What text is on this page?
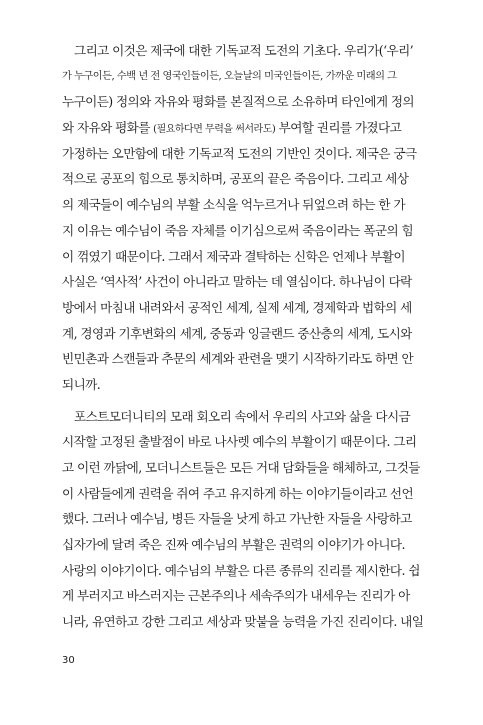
그리고 이것은 제국에 대한 기독교적 도전의 기초다. 우리가(‘우리’
가 누구이든, 수백 년 전 영국인들이든, 오늘날의 미국인들이든, 가까운 미래의 그
누구이든) 정의와 자유와 평화를 본질적으로 소유하며 타인에게 정의
와 자유와 평화를 (필요하다면 무력을 써서라도) 부여할 권리를 가졌다고
가정하는 오만함에 대한 기독교적 도전의 기반인 것이다. 제국은 궁극
적으로 공포의 힘으로 통치하며, 공포의 끝은 죽음이다. 그리고 세상
의 제국들이 예수님의 부활 소식을 억누르거나 뒤엎으려 하는 한 가
지 이유는 예수님이 죽음 자체를 이기심으로써 죽음이라는 폭군의 힘
이 꺾였기 때문이다. 그래서 제국과 결탁하는 신학은 언제나 부활이
사실은 ‘역사적’ 사건이 아니라고 말하는 데 열심이다. 하나님이 다락
방에서 마침내 내려와서 공적인 세계, 실제 세계, 경제학과 법학의 세
계, 경영과 기후변화의 세계, 중동과 잉글랜드 중산층의 세계, 도시와
빈민촌과 스캔들과 추문의 세계와 관련을 맺기 시작하기라도 하면 안
되니까.
포스트모더니티의 모래 회오리 속에서 우리의 사고와 삶을 다시금
시작할 고정된 출발점이 바로 나사렛 예수의 부활이기 때문이다. 그리
고 이런 까닭에, 모더니스트들은 모든 거대 담화들을 해체하고, 그것들
이 사람들에게 권력을 쥐여 주고 유지하게 하는 이야기들이라고 선언
했다. 그러나 예수님, 병든 자들을 낫게 하고 가난한 자들을 사랑하고
십자가에 달려 죽은 진짜 예수님의 부활은 권력의 이야기가 아니다.
사랑의 이야기이다. 예수님의 부활은 다른 종류의 진리를 제시한다. 쉽
게 부러지고 바스러지는 근본주의나 세속주의가 내세우는 진리가 아
니라, 유연하고 강한 그리고 세상과 맞붙을 능력을 가진 진리이다. 내일
30
